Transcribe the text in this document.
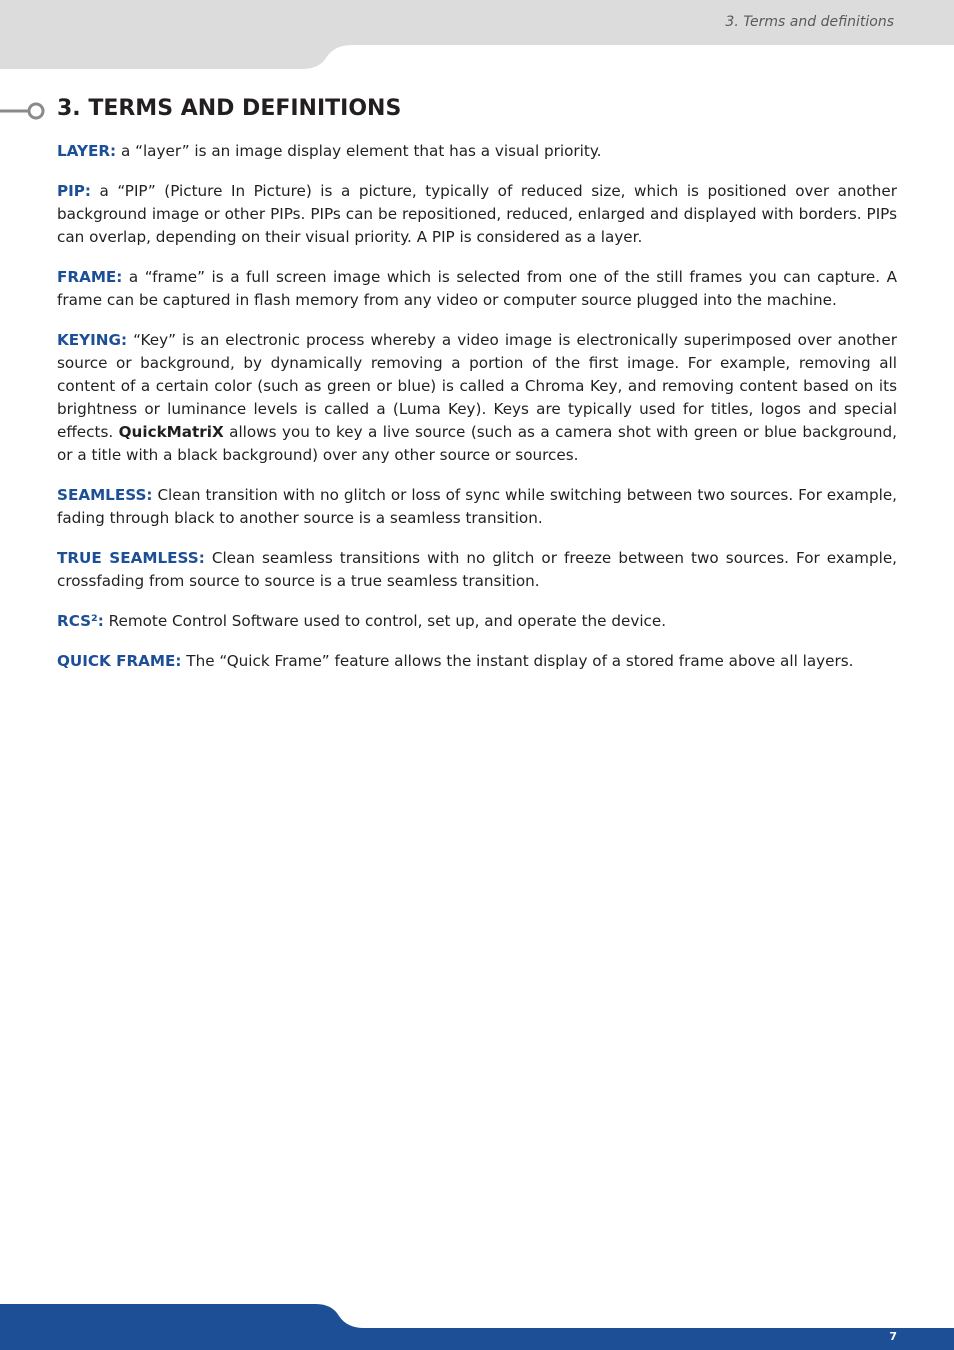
3. Terms and definitions
3. TERMS AND DEFINITIONS

LAYER: a “layer” is an image display element that has a visual priority.

PIP: a “PIP” (Picture In Picture) is a picture, typically of reduced size, which is positioned over another background image or other PIPs. PIPs can be repositioned, reduced, enlarged and displayed with borders. PIPs can overlap, depending on their visual priority. A PIP is considered as a layer.

FRAME: a “frame” is a full screen image which is selected from one of the still frames you can capture. A frame can be captured in flash memory from any video or computer source plugged into the machine.

KEYING: “Key” is an electronic process whereby a video image is electronically superimposed over another source or background, by dynamically removing a portion of the first image. For example, removing all content of a certain color (such as green or blue) is called a Chroma Key, and removing content based on its brightness or luminance levels is called a (Luma Key). Keys are typically used for titles, logos and special effects. QuickMatriX allows you to key a live source (such as a camera shot with green or blue background, or a title with a black background) over any other source or sources.

SEAMLESS: Clean transition with no glitch or loss of sync while switching between two sources. For example, fading through black to another source is a seamless transition.

TRUE SEAMLESS: Clean seamless transitions with no glitch or freeze between two sources. For example, crossfading from source to source is a true seamless transition.

RCS²: Remote Control Software used to control, set up, and operate the device.

QUICK FRAME: The “Quick Frame” feature allows the instant display of a stored frame above all layers.

7
